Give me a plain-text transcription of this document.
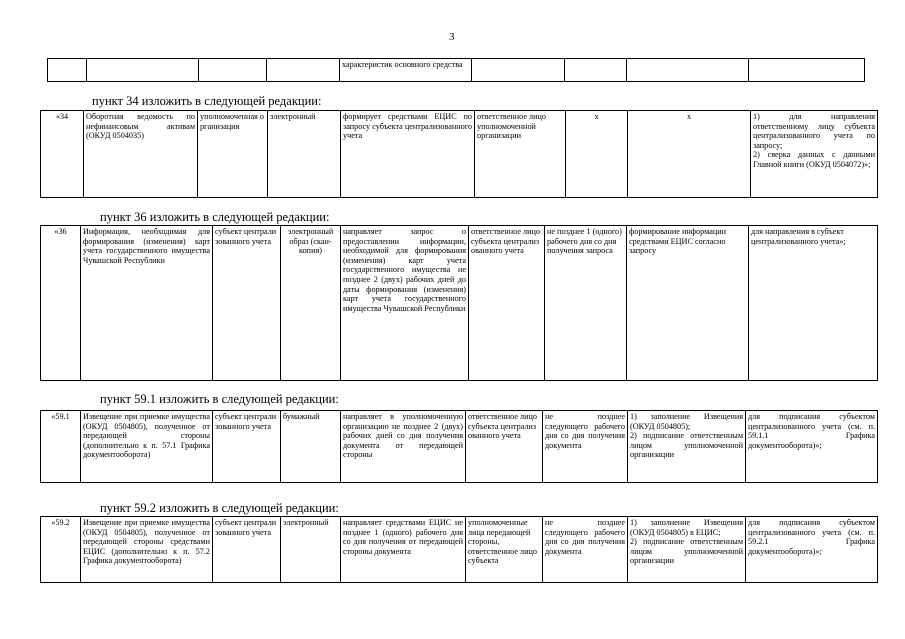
3
				характеристик основного средства				
пункт 34 изложить в следующей редакции:
«34	Оборотная ведомость по нефинансовым активам (ОКУД 0504035)	уполномоченная организация	электронный	формирует средствами ЕЦИС по запросу субъекта централизованного учета	ответственное лицо уполномоченной организации	х	х	1) для направления ответственному лицу субъекта централизованного учета по запросу;
2) сверка данных с данными Главной книги (ОКУД 0504072)»;
пункт 36 изложить в следующей редакции:
«36	Информация, необходимая для формирования (изменения) карт учета государственного имущества Чувашской Республики	субъект централизованного учета	электронный образ (скан-копия)	направляет запрос о предоставлении информации, необходимой для формирования (изменения) карт учета государственного имущества не позднее 2 (двух) рабочих дней до даты формирования (изменения) карт учета государственного имущества Чувашской Республики	ответственное лицо субъекта централизованного учета	не позднее 1 (одного) рабочего дня со дня получения запроса	формирование информации средствами ЕЦИС согласно запросу	для направления в субъект централизованного учета»;
пункт 59.1 изложить в следующей редакции:
«59.1	Извещение при приемке имущества (ОКУД 0504805), полученное от передающей стороны (дополнительно к п. 57.1 Графика документооборота)	субъект централизованного учета	бумажный	направляет в уполномоченную организацию не позднее 2 (двух) рабочих дней со дня получения документа от передающей стороны	ответственное лицо субъекта централизованного учета	не позднее следующего рабочего дня со дня получения документа	1) заполнение Извещения (ОКУД 0504805);
2) подписание ответственным лицом уполномоченной организации	для подписания субъектом централизованного учета (см. п. 59.1.1 Графика документооборота)»;
пункт 59.2 изложить в следующей редакции:
«59.2	Извещение при приемке имущества (ОКУД 0504805), полученное от передающей стороны средствами ЕЦИС (дополнительно к п. 57.2 Графика документооборота)	субъект централизованного учета	электронный	направляет средствами ЕЦИС не позднее 1 (одного) рабочего дня со дня получения от передающей стороны документа	уполномоченные лица передающей стороны, ответственное лицо субъекта	не позднее следующего рабочего дня со дня получения документа	1) заполнение Извещения (ОКУД 0504805) в ЕЦИС;
2) подписание ответственным лицом уполномоченной организации	для подписания субъектом централизованного учета (см. п. 59.2.1 Графика документооборота)»;
